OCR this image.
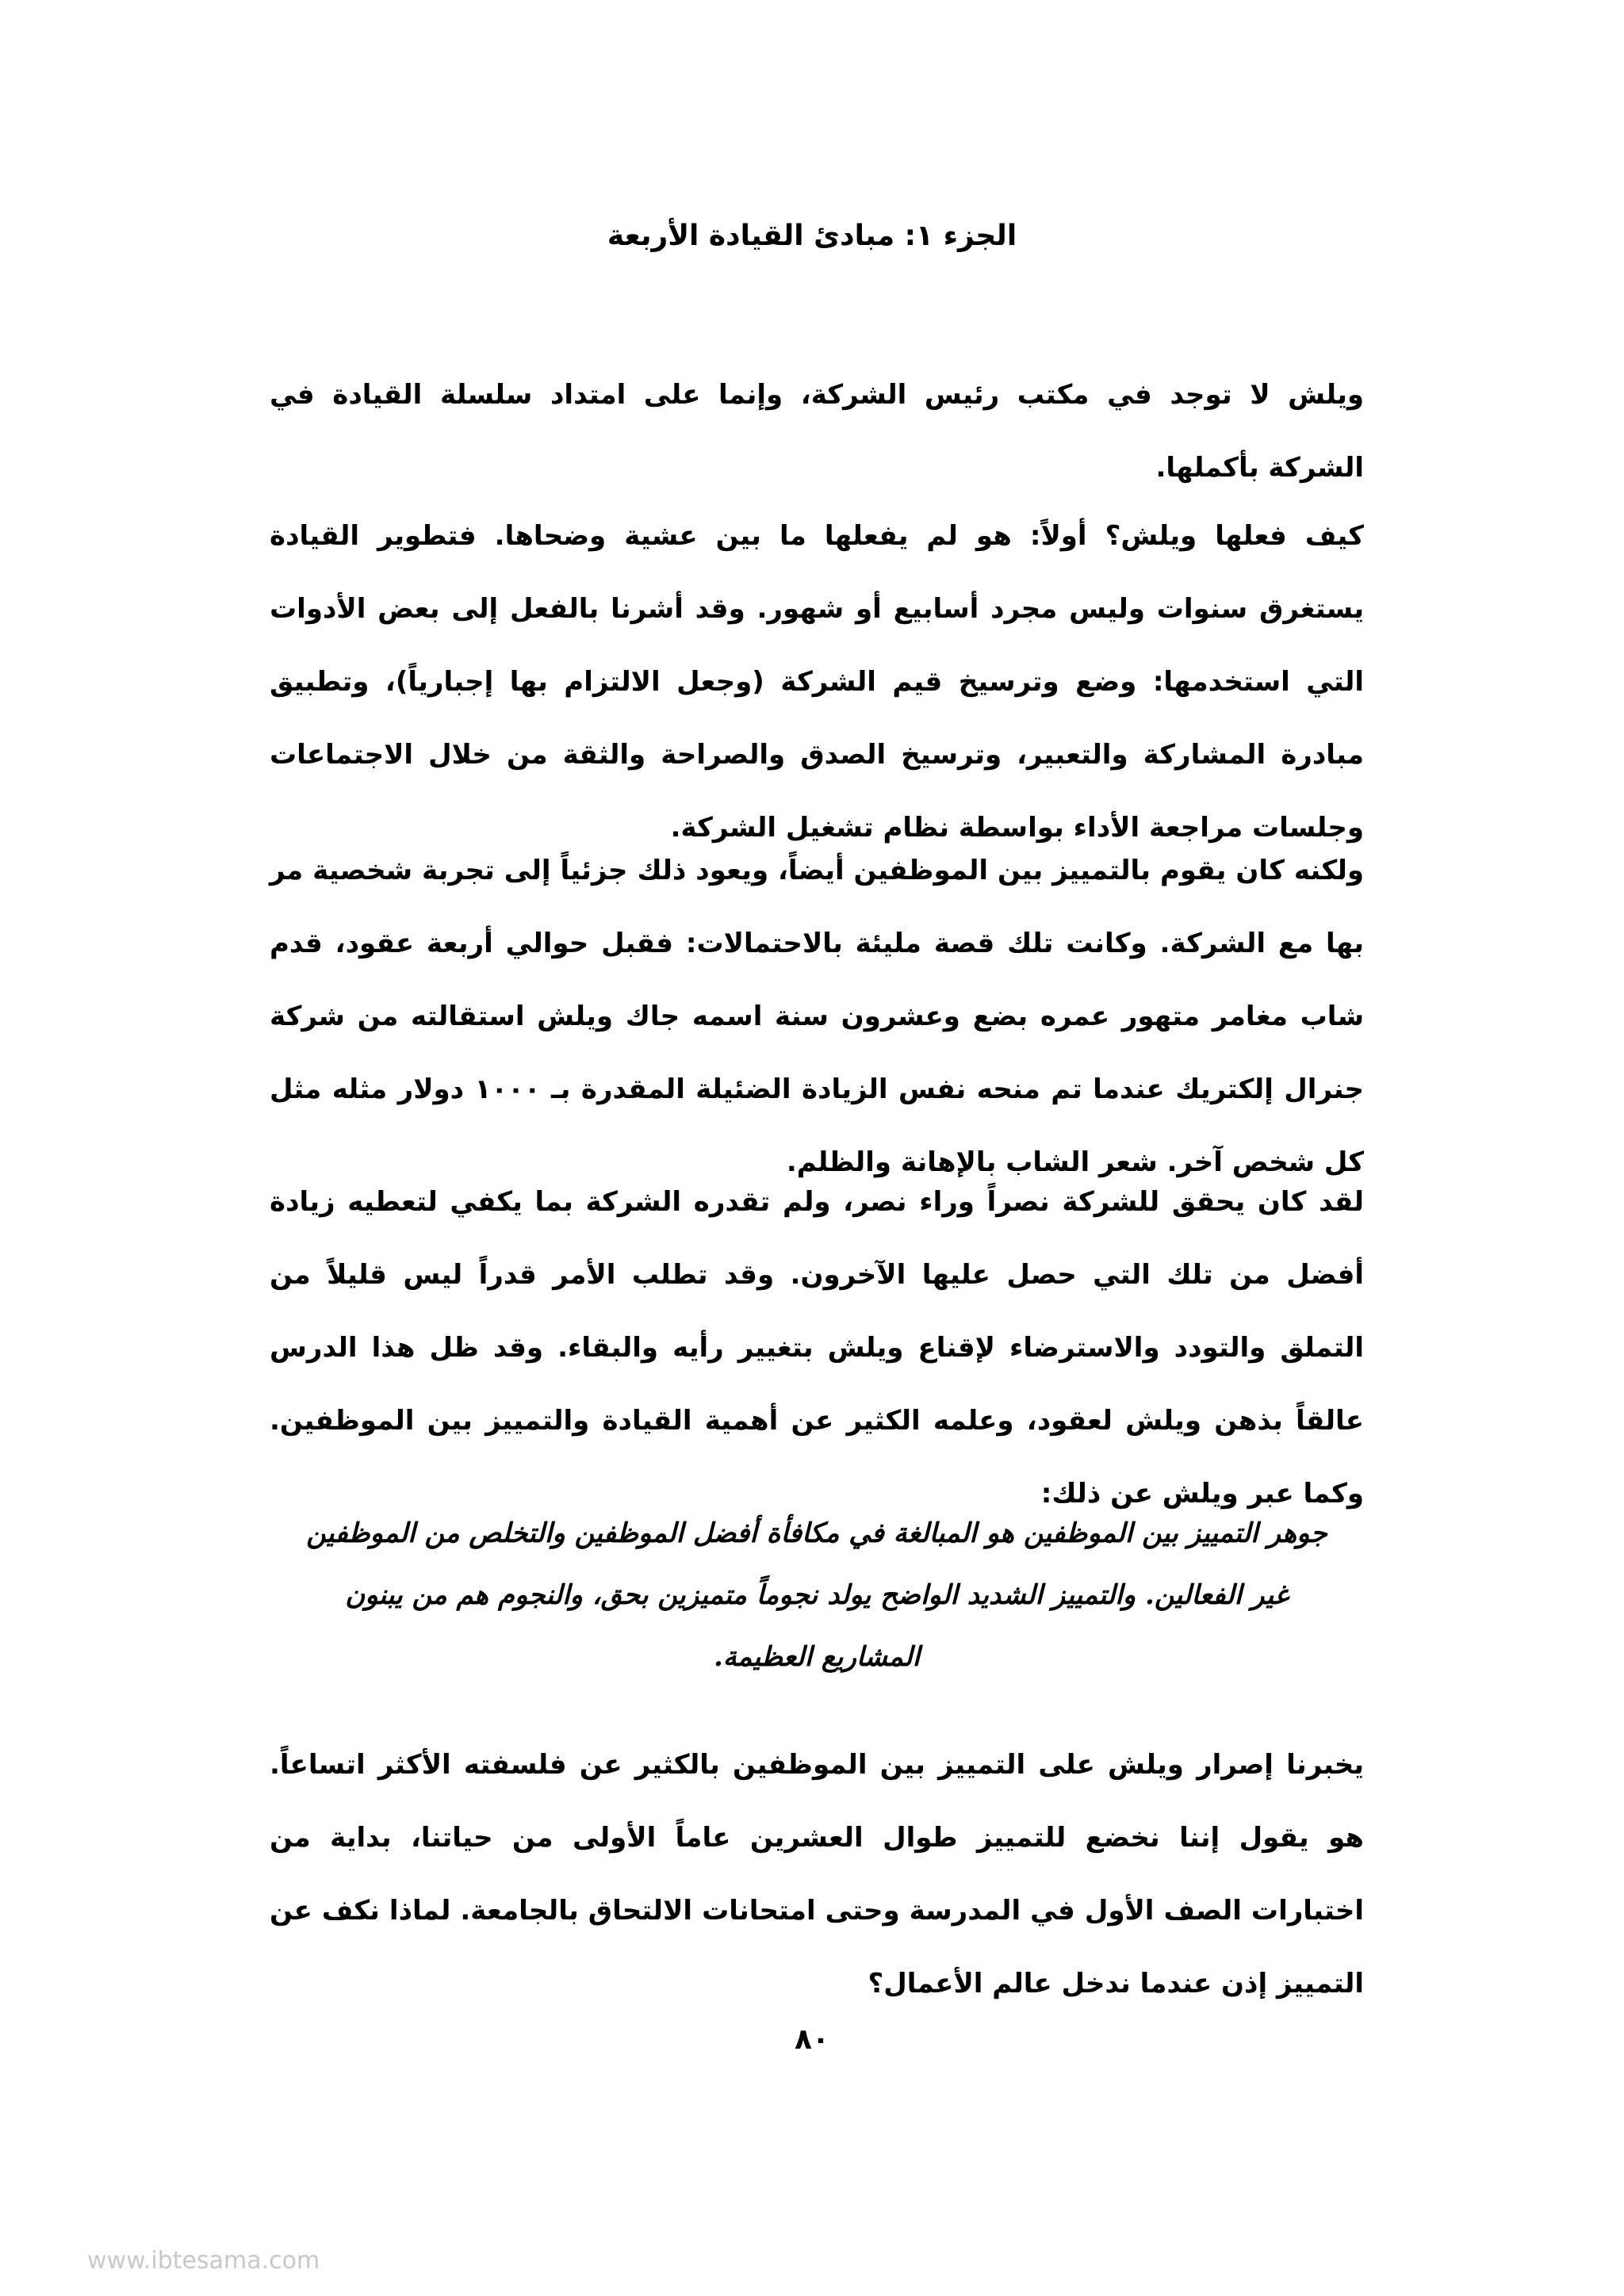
الجزء ١: مبادئ القيادة الأربعة

ويلش لا توجد في مكتب رئيس الشركة، وإنما على امتداد سلسلة القيادة في الشركة بأكملها.

كيف فعلها ويلش؟ أولاً: هو لم يفعلها ما بين عشية وضحاها. فتطوير القيادة يستغرق سنوات وليس مجرد أسابيع أو شهور. وقد أشرنا بالفعل إلى بعض الأدوات التي استخدمها: وضع وترسيخ قيم الشركة (وجعل الالتزام بها إجبارياً)، وتطبيق مبادرة المشاركة والتعبير، وترسيخ الصدق والصراحة والثقة من خلال الاجتماعات وجلسات مراجعة الأداء بواسطة نظام تشغيل الشركة.

ولكنه كان يقوم بالتمييز بين الموظفين أيضاً، ويعود ذلك جزئياً إلى تجربة شخصية مر بها مع الشركة. وكانت تلك قصة مليئة بالاحتمالات: فقبل حوالي أربعة عقود، قدم شاب مغامر متهور عمره بضع وعشرون سنة اسمه جاك ويلش استقالته من شركة جنرال إلكتريك عندما تم منحه نفس الزيادة الضئيلة المقدرة بـ ١٠٠٠ دولار مثله مثل كل شخص آخر. شعر الشاب بالإهانة والظلم.

لقد كان يحقق للشركة نصراً وراء نصر، ولم تقدره الشركة بما يكفي لتعطيه زيادة أفضل من تلك التي حصل عليها الآخرون. وقد تطلب الأمر قدراً ليس قليلاً من التملق والتودد والاسترضاء لإقناع ويلش بتغيير رأيه والبقاء. وقد ظل هذا الدرس عالقاً بذهن ويلش لعقود، وعلمه الكثير عن أهمية القيادة والتمييز بين الموظفين. وكما عبر ويلش عن ذلك:

جوهر التمييز بين الموظفين هو المبالغة في مكافأة أفضل الموظفين والتخلص من الموظفين غير الفعالين. والتمييز الشديد الواضح يولد نجوماً متميزين بحق، والنجوم هم من يبنون المشاريع العظيمة.

يخبرنا إصرار ويلش على التمييز بين الموظفين بالكثير عن فلسفته الأكثر اتساعاً. هو يقول إننا نخضع للتمييز طوال العشرين عاماً الأولى من حياتنا، بداية من اختبارات الصف الأول في المدرسة وحتى امتحانات الالتحاق بالجامعة. لماذا نكف عن التمييز إذن عندما ندخل عالم الأعمال؟

٨٠
www.ibtesama.com
